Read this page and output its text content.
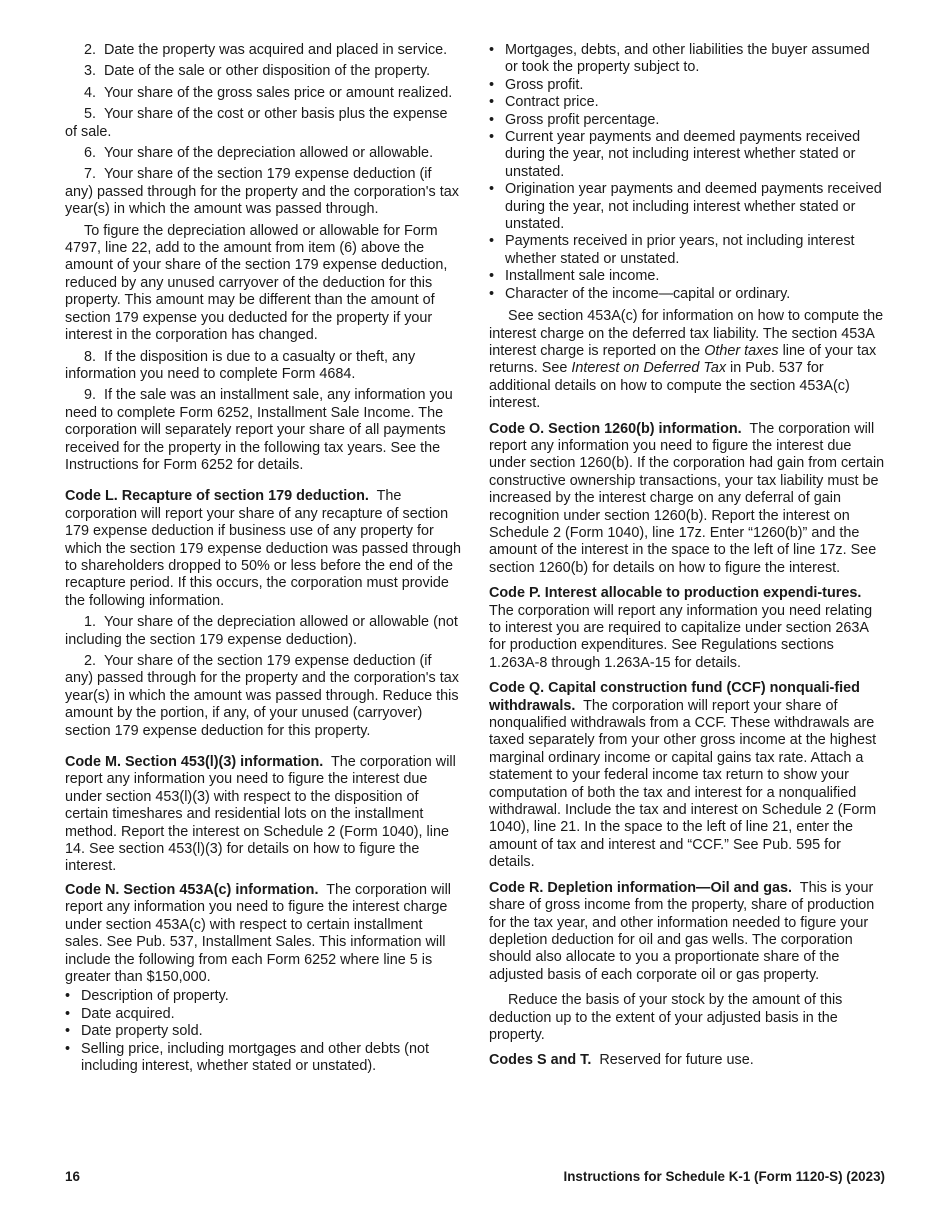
2.  Date the property was acquired and placed in service.

3.  Date of the sale or other disposition of the property.

4.  Your share of the gross sales price or amount realized.

5.  Your share of the cost or other basis plus the expense of sale.

6.  Your share of the depreciation allowed or allowable.

7.  Your share of the section 179 expense deduction (if any) passed through for the property and the corporation's tax year(s) in which the amount was passed through.

To figure the depreciation allowed or allowable for Form 4797, line 22, add to the amount from item (6) above the amount of your share of the section 179 expense deduction, reduced by any unused carryover of the deduction for this property. This amount may be different than the amount of section 179 expense you deducted for the property if your interest in the corporation has changed.

8.  If the disposition is due to a casualty or theft, any information you need to complete Form 4684.

9.  If the sale was an installment sale, any information you need to complete Form 6252, Installment Sale Income. The corporation will separately report your share of all payments received for the property in the following tax years. See the Instructions for Form 6252 for details.

Code L. Recapture of section 179 deduction. The corporation will report your share of any recapture of section 179 expense deduction if business use of any property for which the section 179 expense deduction was passed through to shareholders dropped to 50% or less before the end of the recapture period. If this occurs, the corporation must provide the following information.

1.  Your share of the depreciation allowed or allowable (not including the section 179 expense deduction).

2.  Your share of the section 179 expense deduction (if any) passed through for the property and the corporation's tax year(s) in which the amount was passed through. Reduce this amount by the portion, if any, of your unused (carryover) section 179 expense deduction for this property.

Code M. Section 453(l)(3) information. The corporation will report any information you need to figure the interest due under section 453(l)(3) with respect to the disposition of certain timeshares and residential lots on the installment method. Report the interest on Schedule 2 (Form 1040), line 14. See section 453(l)(3) for details on how to figure the interest.

Code N. Section 453A(c) information. The corporation will report any information you need to figure the interest charge under section 453A(c) with respect to certain installment sales. See Pub. 537, Installment Sales. This information will include the following from each Form 6252 where line 5 is greater than $150,000.

• Description of property.

• Date acquired.

• Date property sold.

• Selling price, including mortgages and other debts (not including interest, whether stated or unstated).

• Mortgages, debts, and other liabilities the buyer assumed or took the property subject to.

• Gross profit.

• Contract price.

• Gross profit percentage.

• Current year payments and deemed payments received during the year, not including interest whether stated or unstated.

• Origination year payments and deemed payments received during the year, not including interest whether stated or unstated.

• Payments received in prior years, not including interest whether stated or unstated.

• Installment sale income.

• Character of the income—capital or ordinary.

See section 453A(c) for information on how to compute the interest charge on the deferred tax liability. The section 453A interest charge is reported on the Other taxes line of your tax returns. See Interest on Deferred Tax in Pub. 537 for additional details on how to compute the section 453A(c) interest.

Code O. Section 1260(b) information. The corporation will report any information you need to figure the interest due under section 1260(b). If the corporation had gain from certain constructive ownership transactions, your tax liability must be increased by the interest charge on any deferral of gain recognition under section 1260(b). Report the interest on Schedule 2 (Form 1040), line 17z. Enter “1260(b)” and the amount of the interest in the space to the left of line 17z. See section 1260(b) for details on how to figure the interest.

Code P. Interest allocable to production expendi-tures.  The corporation will report any information you need relating to interest you are required to capitalize under section 263A for production expenditures. See Regulations sections 1.263A-8 through 1.263A-15 for details.

Code Q. Capital construction fund (CCF) nonquali-fied withdrawals. The corporation will report your share of nonqualified withdrawals from a CCF. These withdrawals are taxed separately from your other gross income at the highest marginal ordinary income or capital gains tax rate. Attach a statement to your federal income tax return to show your computation of both the tax and interest for a nonqualified withdrawal. Include the tax and interest on Schedule 2 (Form 1040), line 21. In the space to the left of line 21, enter the amount of tax and interest and “CCF.” See Pub. 595 for details.

Code R. Depletion information—Oil and gas. This is your share of gross income from the property, share of production for the tax year, and other information needed to figure your depletion deduction for oil and gas wells. The corporation should also allocate to you a proportionate share of the adjusted basis of each corporate oil or gas property.

Reduce the basis of your stock by the amount of this deduction up to the extent of your adjusted basis in the property.

Codes S and T. Reserved for future use.

16	Instructions for Schedule K-1 (Form 1120-S) (2023)
